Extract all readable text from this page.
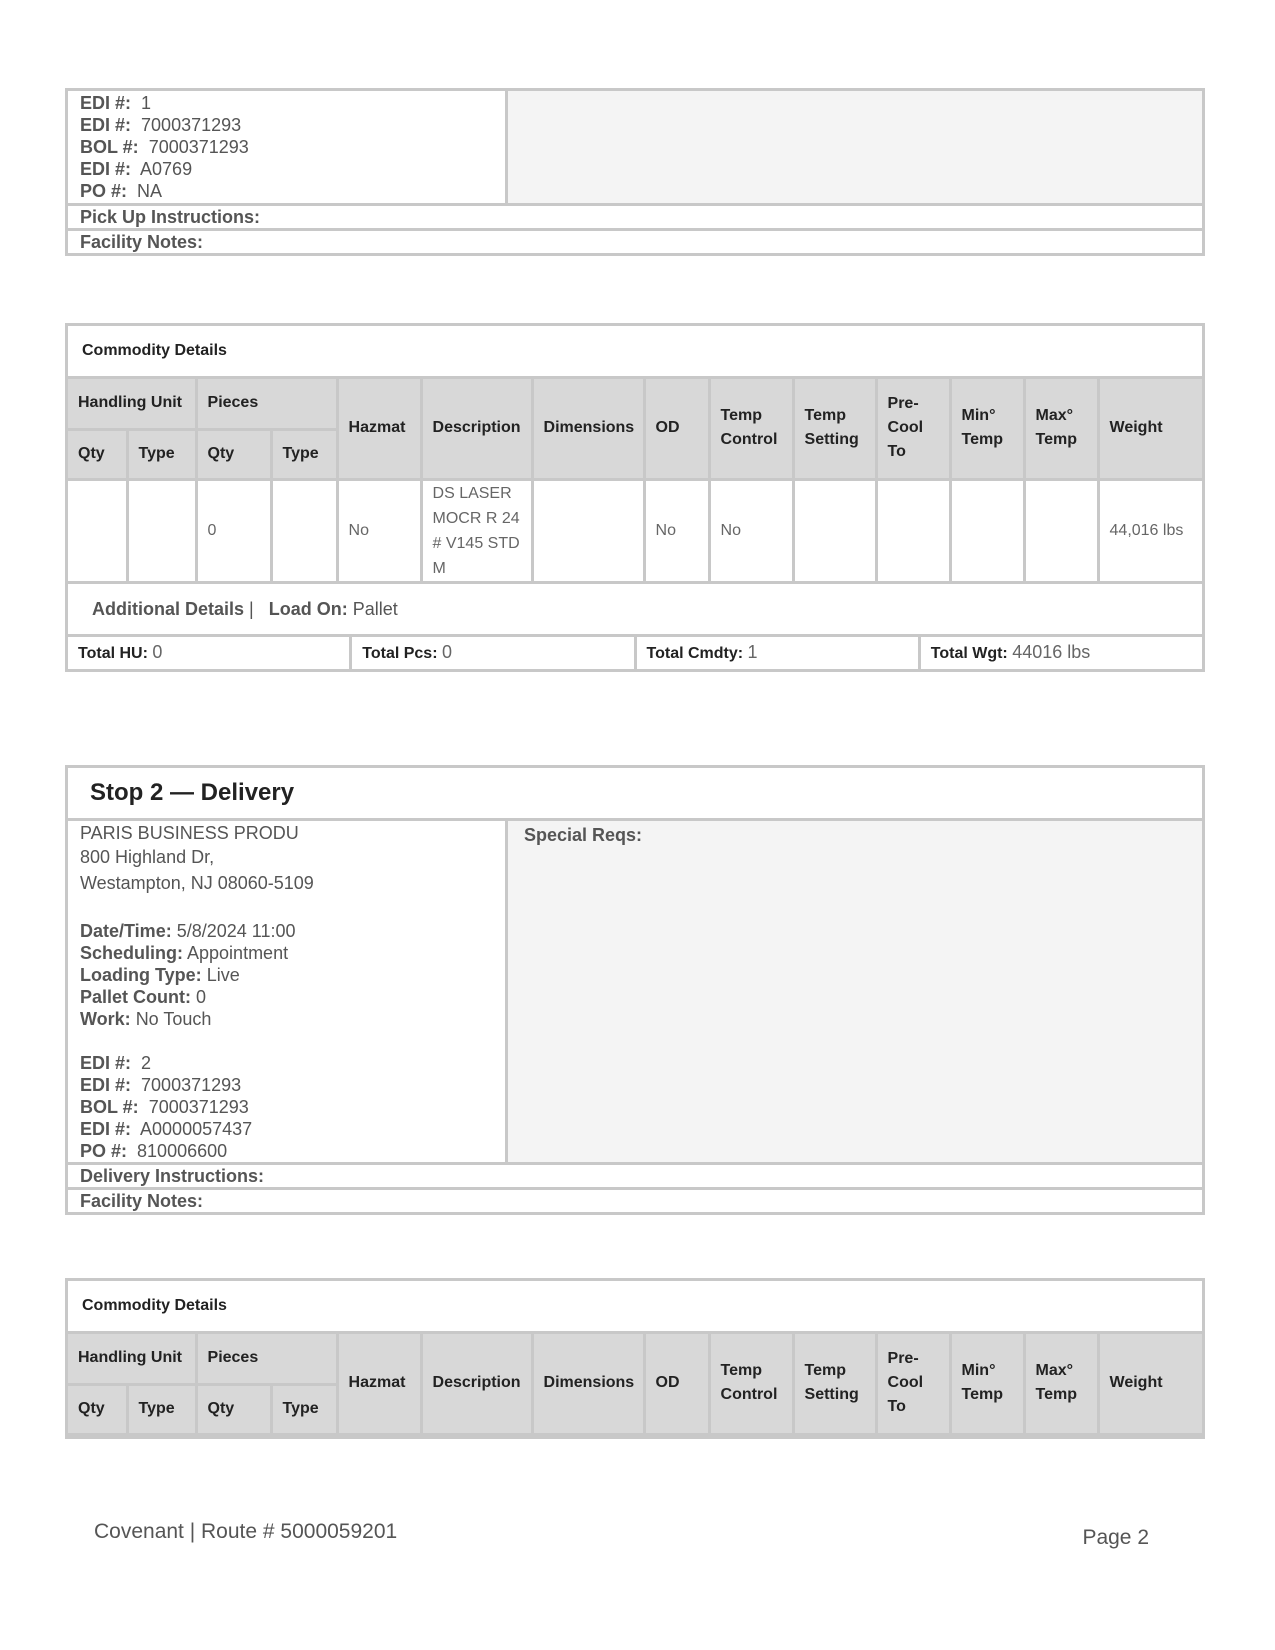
EDI #: 1
EDI #: 7000371293
BOL #: 7000371293
EDI #: A0769
PO #: NA
Pick Up Instructions:
Facility Notes:
Commodity Details
Handling Unit		Pieces		Hazmat	Description	Dimensions	OD	Temp Control	Temp Setting	Pre- Cool To	Min° Temp	Max° Temp	Weight
Qty	Type	Qty	Type										
		0		No	DS LASER MOCR R 24 # V145 STD M		No	No					44,016 lbs
Additional Details | Load On: Pallet
Total HU: 0	Total Pcs: 0	Total Cmdty: 1	Total Wgt: 44016 lbs
Stop 2 — Delivery
PARIS BUSINESS PRODU
800 Highland Dr,
Westampton, NJ 08060-5109
Date/Time: 5/8/2024 11:00
Scheduling: Appointment
Loading Type: Live
Pallet Count: 0
Work: No Touch
EDI #: 2
EDI #: 7000371293
BOL #: 7000371293
EDI #: A0000057437
PO #: 810006600
Special Reqs:
Delivery Instructions:
Facility Notes:
Commodity Details
Handling Unit		Pieces		Hazmat	Description	Dimensions	OD	Temp Control	Temp Setting	Pre- Cool To	Min° Temp	Max° Temp	Weight
Qty	Type	Qty	Type										
Covenant | Route # 5000059201	Page 2
